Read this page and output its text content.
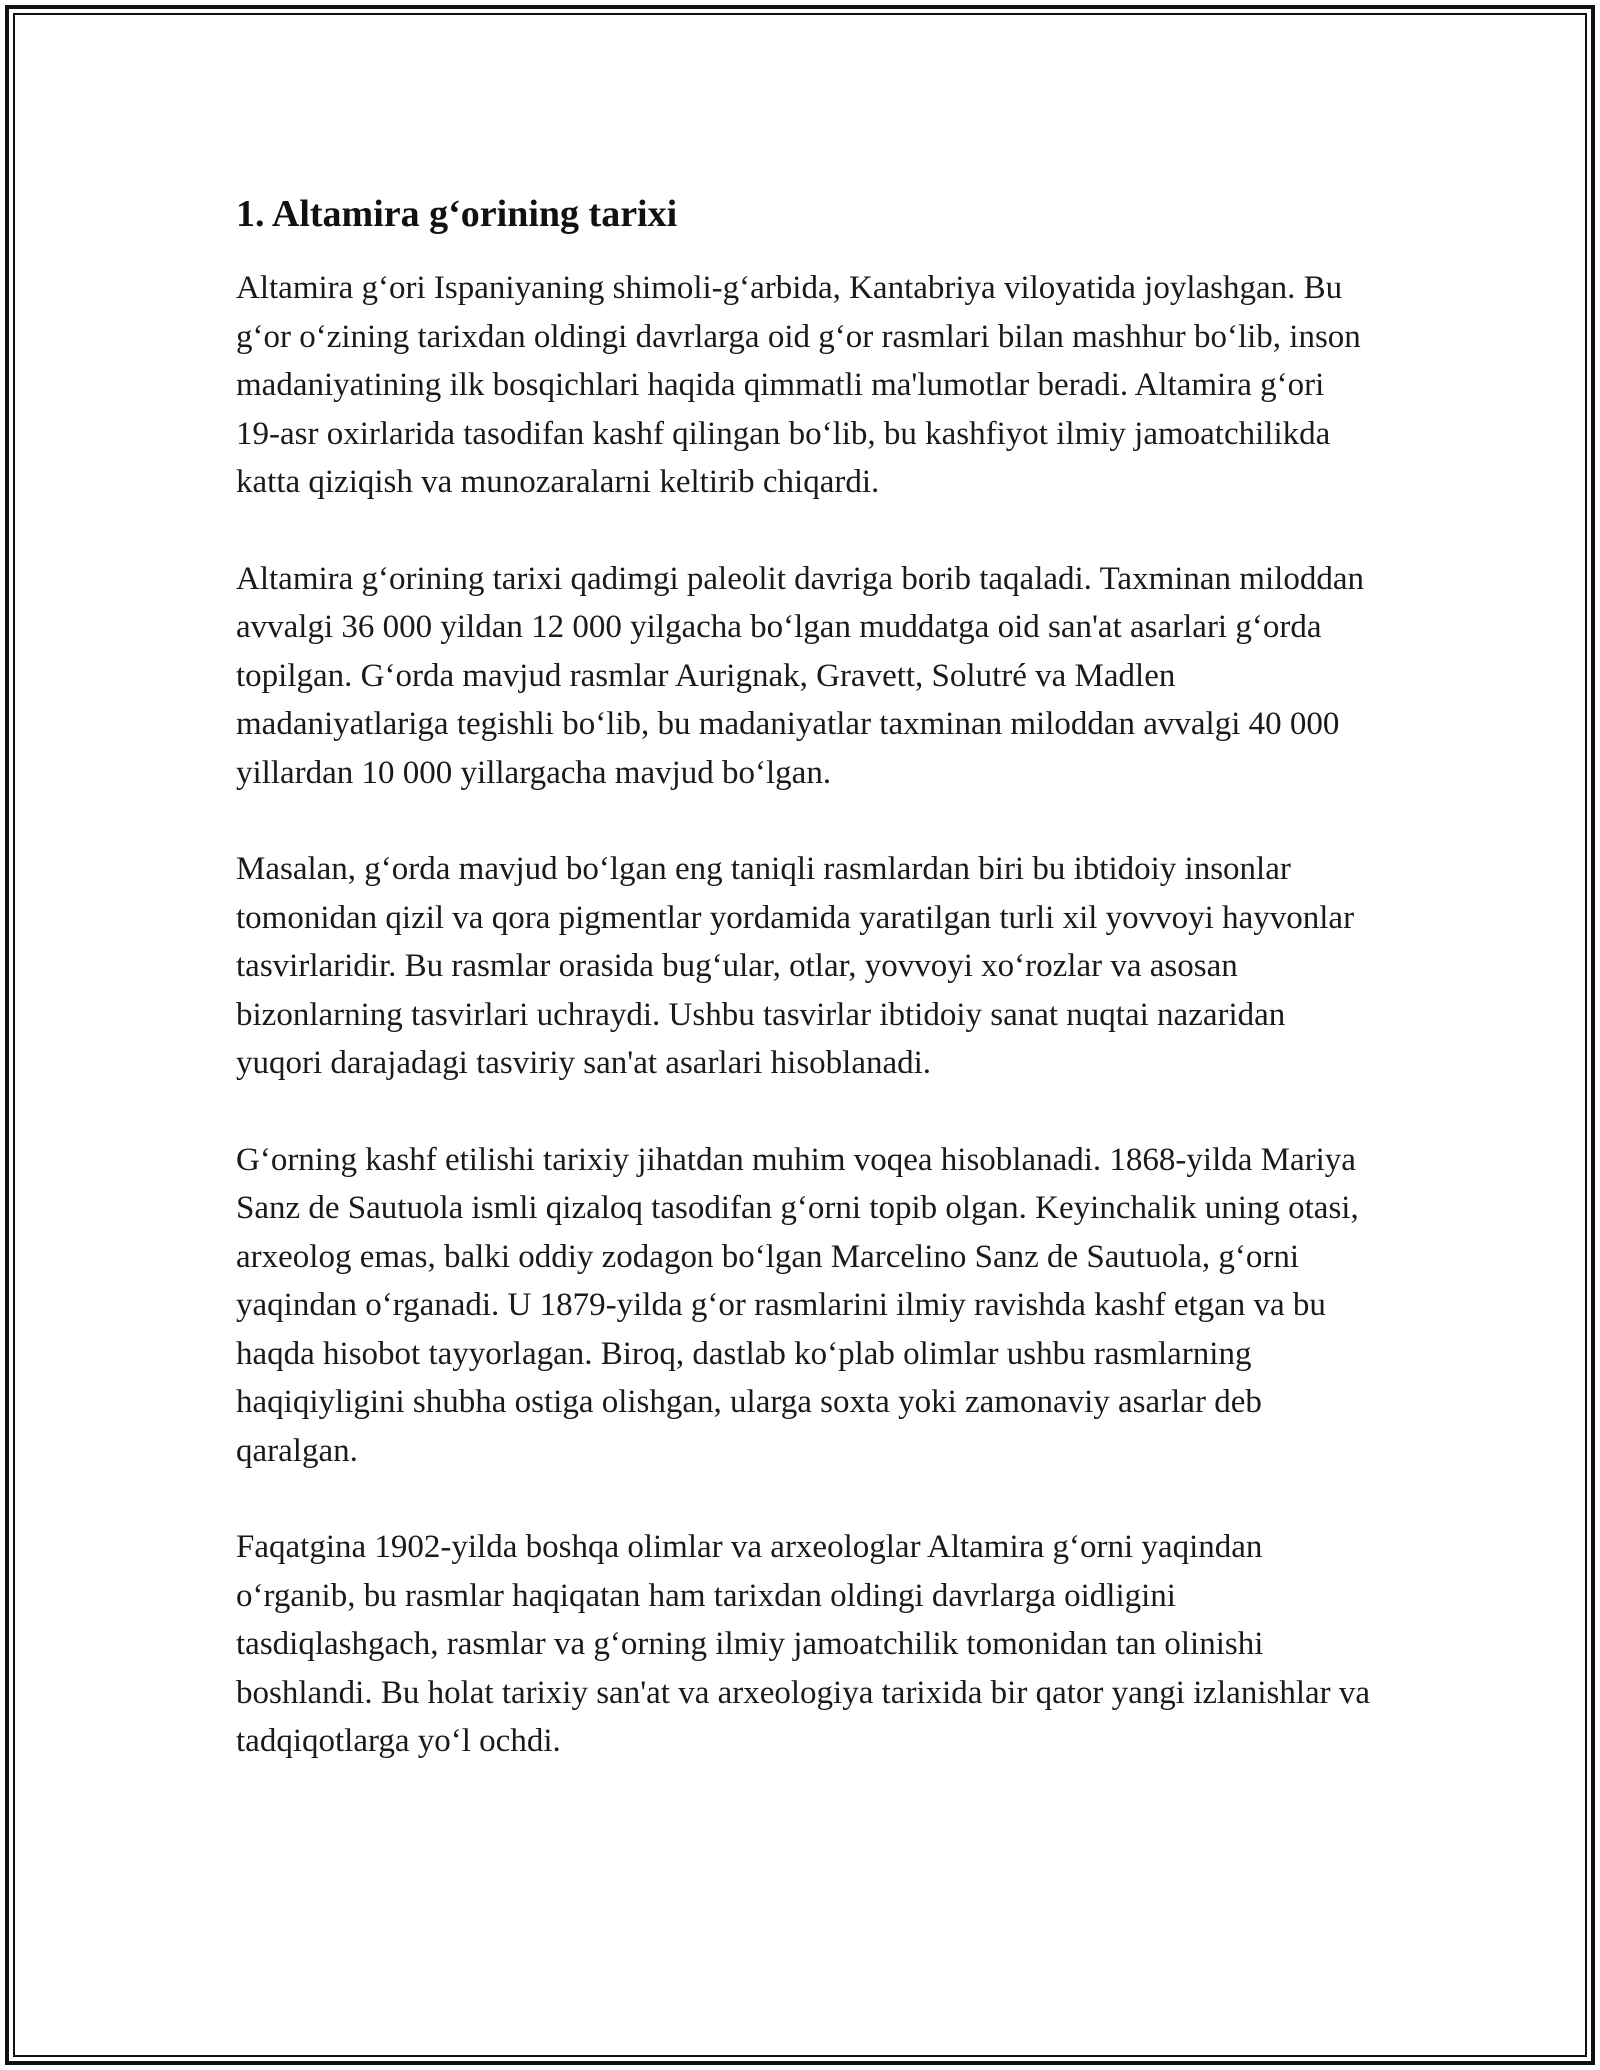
1. Altamira g‘orining tarixi

Altamira g‘ori Ispaniyaning shimoli-g‘arbida, Kantabriya viloyatida joylashgan. Bu g‘or o‘zining tarixdan oldingi davrlarga oid g‘or rasmlari bilan mashhur bo‘lib, inson madaniyatining ilk bosqichlari haqida qimmatli ma'lumotlar beradi. Altamira g‘ori 19-asr oxirlarida tasodifan kashf qilingan bo‘lib, bu kashfiyot ilmiy jamoatchilikda katta qiziqish va munozaralarni keltirib chiqardi.

Altamira g‘orining tarixi qadimgi paleolit davriga borib taqaladi. Taxminan miloddan avvalgi 36 000 yildan 12 000 yilgacha bo‘lgan muddatga oid san'at asarlari g‘orda topilgan. G‘orda mavjud rasmlar Aurignak, Gravett, Solutré va Madlen madaniyatlariga tegishli bo‘lib, bu madaniyatlar taxminan miloddan avvalgi 40 000 yillardan 10 000 yillargacha mavjud bo‘lgan.

Masalan, g‘orda mavjud bo‘lgan eng taniqli rasmlardan biri bu ibtidoiy insonlar tomonidan qizil va qora pigmentlar yordamida yaratilgan turli xil yovvoyi hayvonlar tasvirlaridir. Bu rasmlar orasida bug‘ular, otlar, yovvoyi xo‘rozlar va asosan bizonlarning tasvirlari uchraydi. Ushbu tasvirlar ibtidoiy sanat nuqtai nazaridan yuqori darajadagi tasviriy san'at asarlari hisoblanadi.

G‘orning kashf etilishi tarixiy jihatdan muhim voqea hisoblanadi. 1868-yilda Mariya Sanz de Sautuola ismli qizaloq tasodifan g‘orni topib olgan. Keyinchalik uning otasi, arxeolog emas, balki oddiy zodagon bo‘lgan Marcelino Sanz de Sautuola, g‘orni yaqindan o‘rganadi. U 1879-yilda g‘or rasmlarini ilmiy ravishda kashf etgan va bu haqda hisobot tayyorlagan. Biroq, dastlab ko‘plab olimlar ushbu rasmlarning haqiqiyligini shubha ostiga olishgan, ularga soxta yoki zamonaviy asarlar deb qaralgan.

Faqatgina 1902-yilda boshqa olimlar va arxeologlar Altamira g‘orni yaqindan o‘rganib, bu rasmlar haqiqatan ham tarixdan oldingi davrlarga oidligini tasdiqlashgach, rasmlar va g‘orning ilmiy jamoatchilik tomonidan tan olinishi boshlandi. Bu holat tarixiy san'at va arxeologiya tarixida bir qator yangi izlanishlar va tadqiqotlarga yo‘l ochdi.
